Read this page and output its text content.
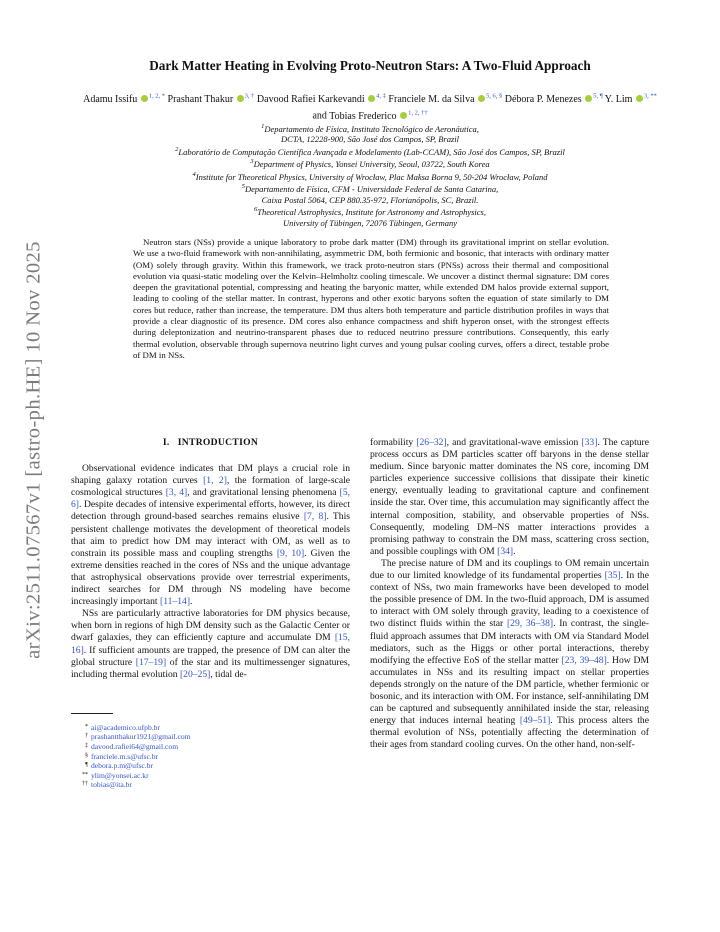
arXiv:2511.07567v1 [astro-ph.HE] 10 Nov 2025
Dark Matter Heating in Evolving Proto-Neutron Stars: A Two-Fluid Approach
Adamu Issifu $^{1, 2, *}$ Prashant Thakur $^{3, \dagger}$ Davood Rafiei Karkevandi $^{4, \ddagger}$ Franciele M. da Silva $^{5, 6, \S}$ Débora P. Menezes $^{5, \P}$ Y. Lim $^{3, **}$ and Tobias Frederico $^{1, 2, \dagger\dagger}$
$^1$Departamento de Física, Instituto Tecnológico de Aeronáutica,
DCTA, 12228-900, São José dos Campos, SP, Brazil
$^2$Laboratório de Computação Científica Avançada e Modelamento (Lab-CCAM), São José dos Campos, SP, Brazil
$^3$Department of Physics, Yonsei University, Seoul, 03722, South Korea
$^4$Institute for Theoretical Physics, University of Wrocław, Plac Maksa Borna 9, 50-204 Wrocław, Poland
$^5$Departamento de Física, CFM - Universidade Federal de Santa Catarina,
Caixa Postal 5064, CEP 880.35-972, Florianópolis, SC, Brazil.
$^6$Theoretical Astrophysics, Institute for Astronomy and Astrophysics,
University of Tübingen, 72076 Tübingen, Germany
Neutron stars (NSs) provide a unique laboratory to probe dark matter (DM) through its gravitational imprint on stellar evolution. We use a two-fluid framework with non-annihilating, asymmetric DM, both fermionic and bosonic, that interacts with ordinary matter (OM) solely through gravity. Within this framework, we track proto-neutron stars (PNSs) across their thermal and compositional evolution via quasi-static modeling over the Kelvin–Helmholtz cooling timescale. We uncover a distinct thermal signature: DM cores deepen the gravitational potential, compressing and heating the baryonic matter, while extended DM halos provide external support, leading to cooling of the stellar matter. In contrast, hyperons and other exotic baryons soften the equation of state similarly to DM cores but reduce, rather than increase, the temperature. DM thus alters both temperature and particle distribution profiles in ways that provide a clear diagnostic of its presence. DM cores also enhance compactness and shift hyperon onset, with the strongest effects during deleptonization and neutrino-transparent phases due to reduced neutrino pressure contributions. Consequently, this early thermal evolution, observable through supernova neutrino light curves and young pulsar cooling curves, offers a direct, testable probe of DM in NSs.
I. INTRODUCTION

Observational evidence indicates that DM plays a crucial role in shaping galaxy rotation curves [1, 2], the formation of large-scale cosmological structures [3, 4], and gravitational lensing phenomena [5, 6]. Despite decades of intensive experimental efforts, however, its direct detection through ground-based searches remains elusive [7, 8]. This persistent challenge motivates the development of theoretical models that aim to predict how DM may interact with OM, as well as to constrain its possible mass and coupling strengths [9, 10]. Given the extreme densities reached in the cores of NSs and the unique advantage that astrophysical observations provide over terrestrial experiments, indirect searches for DM through NS modeling have become increasingly important [11–14].

NSs are particularly attractive laboratories for DM physics because, when born in regions of high DM density such as the Galactic Center or dwarf galaxies, they can efficiently capture and accumulate DM [15, 16]. If sufficient amounts are trapped, the presence of DM can alter the global structure [17–19] of the star and its multimessenger signatures, including thermal evolution [20–25], tidal de-

* ai@academico.ufpb.br
† prashantthakur1921@gmail.com
‡ davood.rafiei64@gmail.com
§ franciele.m.s@ufsc.br
¶ debora.p.m@ufsc.br
** ylim@yonsei.ac.kr
†† tobias@ita.br

formability [26–32], and gravitational-wave emission [33]. The capture process occurs as DM particles scatter off baryons in the dense stellar medium. Since baryonic matter dominates the NS core, incoming DM particles experience successive collisions that dissipate their kinetic energy, eventually leading to gravitational capture and confinement inside the star. Over time, this accumulation may significantly affect the internal composition, stability, and observable properties of NSs. Consequently, modeling DM–NS matter interactions provides a promising pathway to constrain the DM mass, scattering cross section, and possible couplings with OM [34].

The precise nature of DM and its couplings to OM remain uncertain due to our limited knowledge of its fundamental properties [35]. In the context of NSs, two main frameworks have been developed to model the possible presence of DM. In the two-fluid approach, DM is assumed to interact with OM solely through gravity, leading to a coexistence of two distinct fluids within the star [29, 36–38]. In contrast, the single-fluid approach assumes that DM interacts with OM via Standard Model mediators, such as the Higgs or other portal interactions, thereby modifying the effective EoS of the stellar matter [23, 39–48]. How DM accumulates in NSs and its resulting impact on stellar properties depends strongly on the nature of the DM particle, whether fermionic or bosonic, and its interaction with OM. For instance, self-annihilating DM can be captured and subsequently annihilated inside the star, releasing energy that induces internal heating [49–51]. This process alters the thermal evolution of NSs, potentially affecting the determination of their ages from standard cooling curves. On the other hand, non-self-
